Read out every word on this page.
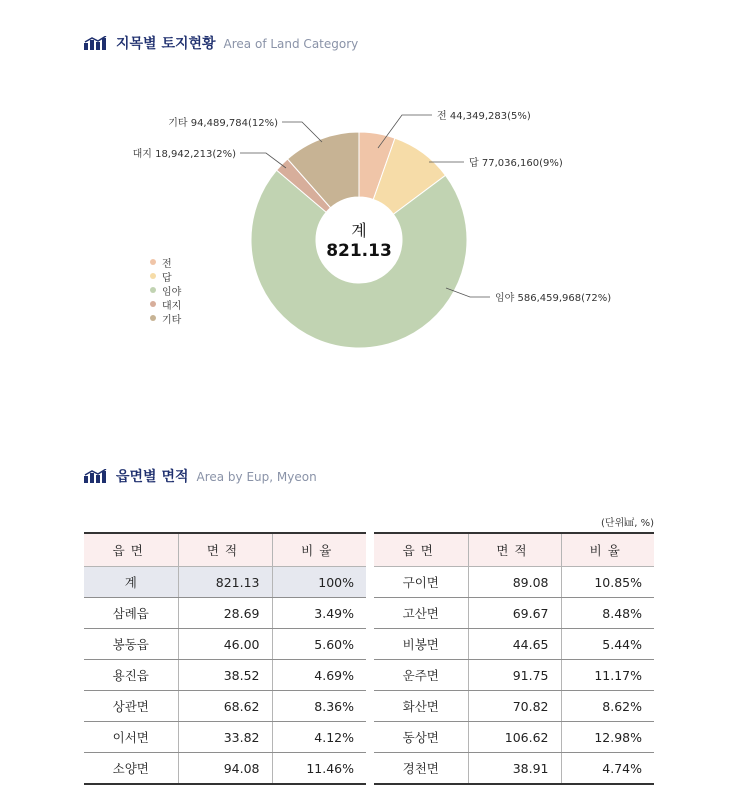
지목별 토지현황 Area of Land Category
계
821.13
전 44,349,283(5%)
답 77,036,160(9%)
임야 586,459,968(72%)
대지 18,942,213(2%)
기타 94,489,784(12%)
전
답
임야
대지
기타
읍면별 면적 Area by Eup, Myeon
(단위㎢, %)
읍면	면적	비율
계	821.13	100%
삼례읍	28.69	3.49%
봉동읍	46.00	5.60%
용진읍	38.52	4.69%
상관면	68.62	8.36%
이서면	33.82	4.12%
소양면	94.08	11.46%
읍면	면적	비율
구이면	89.08	10.85%
고산면	69.67	8.48%
비봉면	44.65	5.44%
운주면	91.75	11.17%
화산면	70.82	8.62%
동상면	106.62	12.98%
경천면	38.91	4.74%
